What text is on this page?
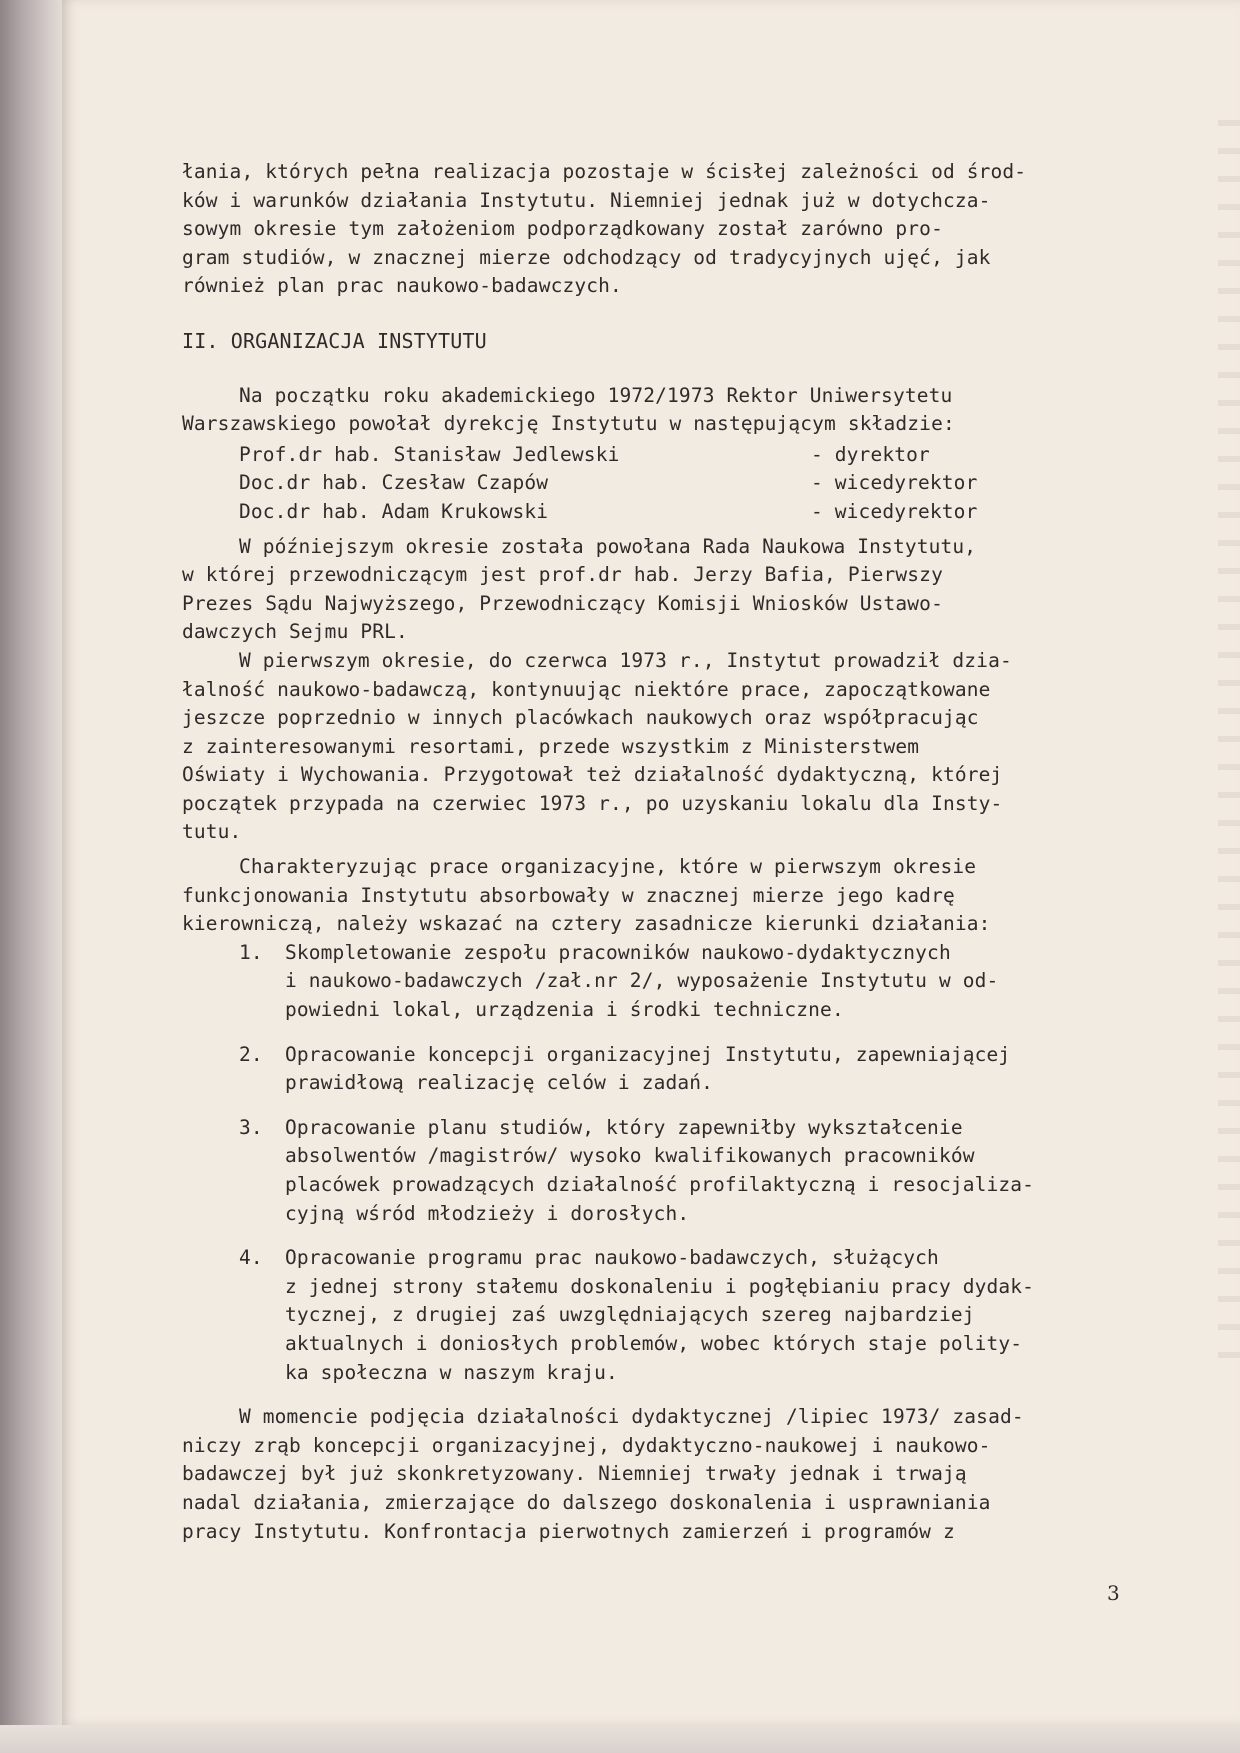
łania, których pełna realizacja pozostaje w ścisłej zależności od środ-
ków i warunków działania Instytutu. Niemniej jednak już w dotychcza-
sowym okresie tym założeniom podporządkowany został zarówno pro-
gram studiów, w znacznej mierze odchodzący od tradycyjnych ujęć, jak
również plan prac naukowo-badawczych.
II. ORGANIZACJA INSTYTUTU
Na początku roku akademickiego 1972/1973 Rektor Uniwersytetu
Warszawskiego powołał dyrekcję Instytutu w następującym składzie:
Prof.dr hab. Stanisław Jedlewski	- dyrektor
Doc.dr hab. Czesław Czapów	- wicedyrektor
Doc.dr hab. Adam Krukowski	- wicedyrektor
W późniejszym okresie została powołana Rada Naukowa Instytutu,
w której przewodniczącym jest prof.dr hab. Jerzy Bafia, Pierwszy
Prezes Sądu Najwyższego, Przewodniczący Komisji Wniosków Ustawo-
dawczych Sejmu PRL.
W pierwszym okresie, do czerwca 1973 r., Instytut prowadził dzia-
łalność naukowo-badawczą, kontynuując niektóre prace, zapoczątkowane
jeszcze poprzednio w innych placówkach naukowych oraz współpracując
z zainteresowanymi resortami, przede wszystkim z Ministerstwem
Oświaty i Wychowania. Przygotował też działalność dydaktyczną, której
początek przypada na czerwiec 1973 r., po uzyskaniu lokalu dla Insty-
tutu.
Charakteryzując prace organizacyjne, które w pierwszym okresie
funkcjonowania Instytutu absorbowały w znacznej mierze jego kadrę
kierowniczą, należy wskazać na cztery zasadnicze kierunki działania:
1.	Skompletowanie zespołu pracowników naukowo-dydaktycznych
i naukowo-badawczych /zał.nr 2/, wyposażenie Instytutu w od-
powiedni lokal, urządzenia i środki techniczne.
2.	Opracowanie koncepcji organizacyjnej Instytutu, zapewniającej
prawidłową realizację celów i zadań.
3.	Opracowanie planu studiów, który zapewniłby wykształcenie
absolwentów /magistrów/ wysoko kwalifikowanych pracowników
placówek prowadzących działalność profilaktyczną i resocjaliza-
cyjną wśród młodzieży i dorosłych.
4.	Opracowanie programu prac naukowo-badawczych, służących
z jednej strony stałemu doskonaleniu i pogłębianiu pracy dydak-
tycznej, z drugiej zaś uwzględniających szereg najbardziej
aktualnych i doniosłych problemów, wobec których staje polity-
ka społeczna w naszym kraju.
W momencie podjęcia działalności dydaktycznej /lipiec 1973/ zasad-
niczy zrąb koncepcji organizacyjnej, dydaktyczno-naukowej i naukowo-
badawczej był już skonkretyzowany. Niemniej trwały jednak i trwają
nadal działania, zmierzające do dalszego doskonalenia i usprawniania
pracy Instytutu. Konfrontacja pierwotnych zamierzeń i programów z
3
